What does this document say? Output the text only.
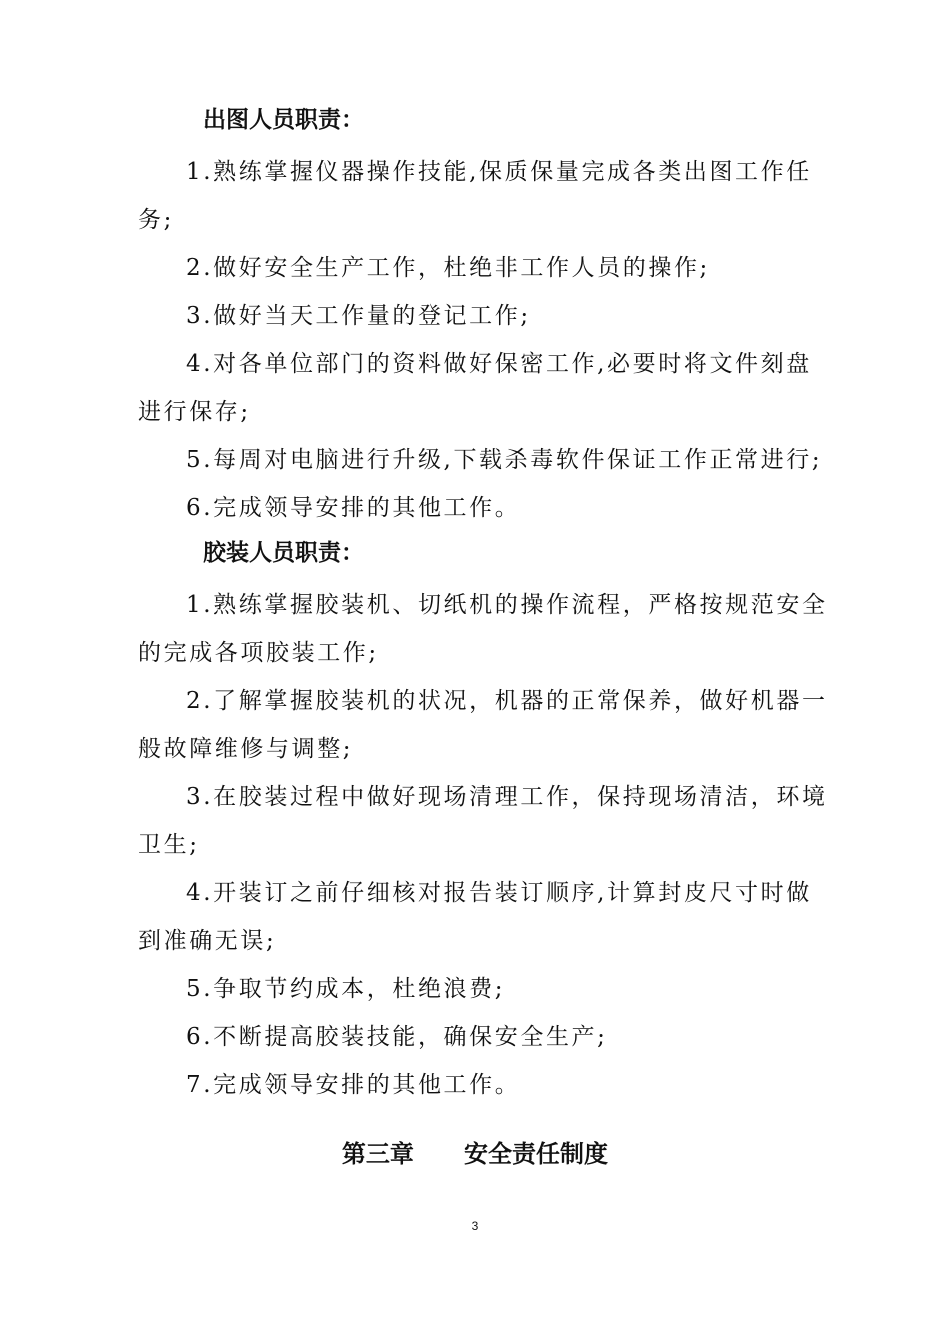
出图人员职责：
1.熟练掌握仪器操作技能,保质保量完成各类出图工作任
务;
2.做好安全生产工作，杜绝非工作人员的操作;
3.做好当天工作量的登记工作;
4.对各单位部门的资料做好保密工作,必要时将文件刻盘
进行保存;
5.每周对电脑进行升级,下载杀毒软件保证工作正常进行;
6.完成领导安排的其他工作。
胶装人员职责：
1.熟练掌握胶装机、切纸机的操作流程，严格按规范安全
的完成各项胶装工作;
2.了解掌握胶装机的状况，机器的正常保养，做好机器一
般故障维修与调整;
3.在胶装过程中做好现场清理工作，保持现场清洁，环境
卫生;
4.开装订之前仔细核对报告装订顺序,计算封皮尺寸时做
到准确无误;
5.争取节约成本，杜绝浪费;
6.不断提高胶装技能，确保安全生产;
7.完成领导安排的其他工作。
第三章      安全责任制度
3
